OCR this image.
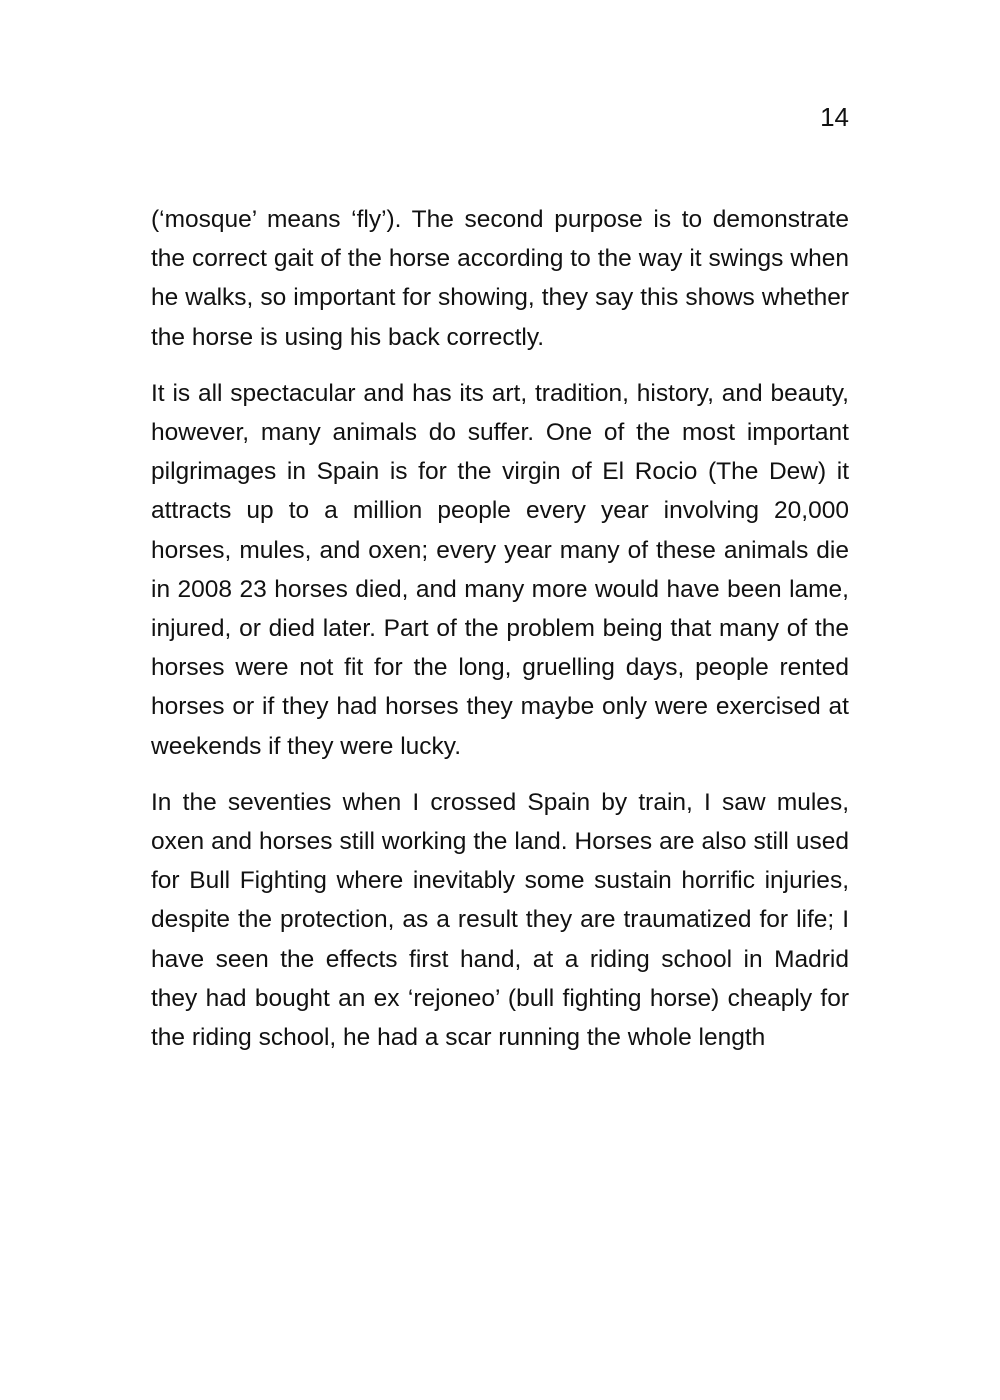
14

(‘mosque’ means ‘fly’). The second purpose is to demonstrate the correct gait of the horse according to the way it swings when he walks, so important for showing, they say this shows whether the horse is using his back correctly.

It is all spectacular and has its art, tradition, history, and beauty, however, many animals do suffer. One of the most important pilgrimages in Spain is for the virgin of El Rocio (The Dew) it attracts up to a million people every year involving 20,000 horses, mules, and oxen; every year many of these animals die in 2008 23 horses died, and many more would have been lame, injured, or died later. Part of the problem being that many of the horses were not fit for the long, gruelling days, people rented horses or if they had horses they maybe only were exercised at weekends if they were lucky.

In the seventies when I crossed Spain by train, I saw mules, oxen and horses still working the land. Horses are also still used for Bull Fighting where inevitably some sustain horrific injuries, despite the protection, as a result they are traumatized for life; I have seen the effects first hand, at a riding school in Madrid they had bought an ex ‘rejoneo’ (bull fighting horse) cheaply for the riding school, he had a scar running the whole length
